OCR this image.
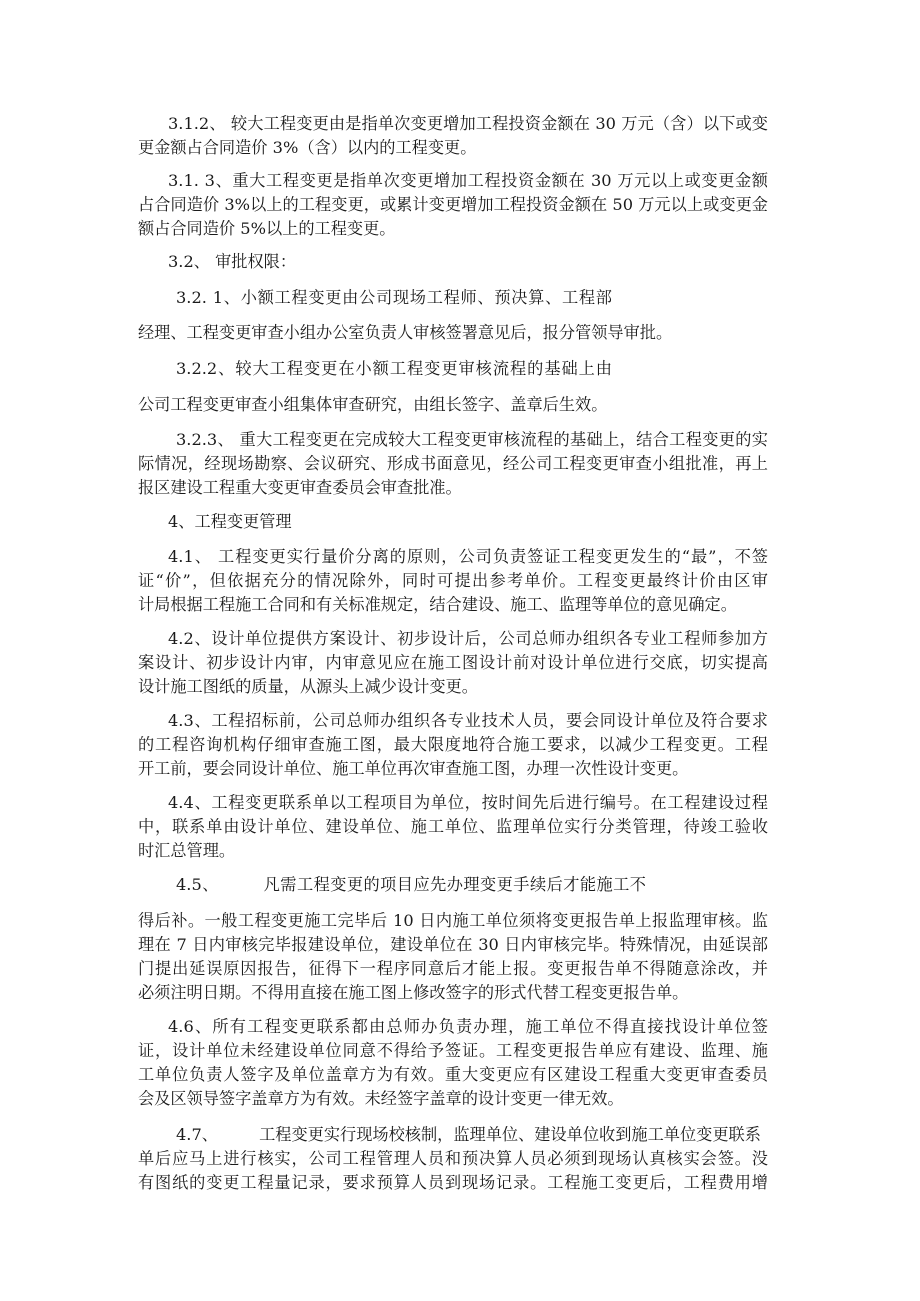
3.1.2、 较大工程变更由是指单次变更增加工程投资金额在 30 万元（含）以下或变
更金额占合同造价 3%（含）以内的工程变更。
3.1. 3、重大工程变更是指单次变更增加工程投资金额在 30 万元以上或变更金额
占合同造价 3%以上的工程变更，或累计变更增加工程投资金额在 50 万元以上或变更金
额占合同造价 5%以上的工程变更。
3.2、 审批权限：
3.2. 1、小额工程变更由公司现场工程师、预决算、工程部
经理、工程变更审查小组办公室负责人审核签署意见后，报分管领导审批。
3.2.2、较大工程变更在小额工程变更审核流程的基础上由
公司工程变更审查小组集体审查研究，由组长签字、盖章后生效。
3.2.3、 重大工程变更在完成较大工程变更审核流程的基础上，结合工程变更的实
际情况，经现场勘察、会议研究、形成书面意见，经公司工程变更审查小组批准，再上
报区建设工程重大变更审查委员会审查批准。
4、工程变更管理
4.1、 工程变更实行量价分离的原则，公司负责签证工程变更发生的“最”，不签
证“价”，但依据充分的情况除外，同时可提出参考单价。工程变更最终计价由区审
计局根据工程施工合同和有关标准规定，结合建设、施工、监理等单位的意见确定。
4.2、设计单位提供方案设计、初步设计后，公司总师办组织各专业工程师参加方
案设计、初步设计内审，内审意见应在施工图设计前对设计单位进行交底，切实提高
设计施工图纸的质量，从源头上减少设计变更。
4.3、工程招标前，公司总师办组织各专业技术人员，要会同设计单位及符合要求
的工程咨询机构仔细审查施工图，最大限度地符合施工要求，以减少工程变更。工程
开工前，要会同设计单位、施工单位再次审查施工图，办理一次性设计变更。
4.4、工程变更联系单以工程项目为单位，按时间先后进行编号。在工程建设过程
中，联系单由设计单位、建设单位、施工单位、监理单位实行分类管理，待竣工验收
时汇总管理。
4.5、        凡需工程变更的项目应先办理变更手续后才能施工不
得后补。一般工程变更施工完毕后 10 日内施工单位须将变更报告单上报监理审核。监
理在 7 日内审核完毕报建设单位，建设单位在 30 日内审核完毕。特殊情况，由延误部
门提出延误原因报告，征得下一程序同意后才能上报。变更报告单不得随意涂改，并
必须注明日期。不得用直接在施工图上修改签字的形式代替工程变更报告单。
4.6、所有工程变更联系都由总师办负责办理，施工单位不得直接找设计单位签
证，设计单位未经建设单位同意不得给予签证。工程变更报告单应有建设、监理、施
工单位负责人签字及单位盖章方为有效。重大变更应有区建设工程重大变更审查委员
会及区领导签字盖章方为有效。未经签字盖章的设计变更一律无效。
4.7、        工程变更实行现场校核制，监理单位、建设单位收到施工单位变更联系
单后应马上进行核实，公司工程管理人员和预决算人员必须到现场认真核实会签。没
有图纸的变更工程量记录，要求预算人员到现场记录。工程施工变更后，工程费用增
